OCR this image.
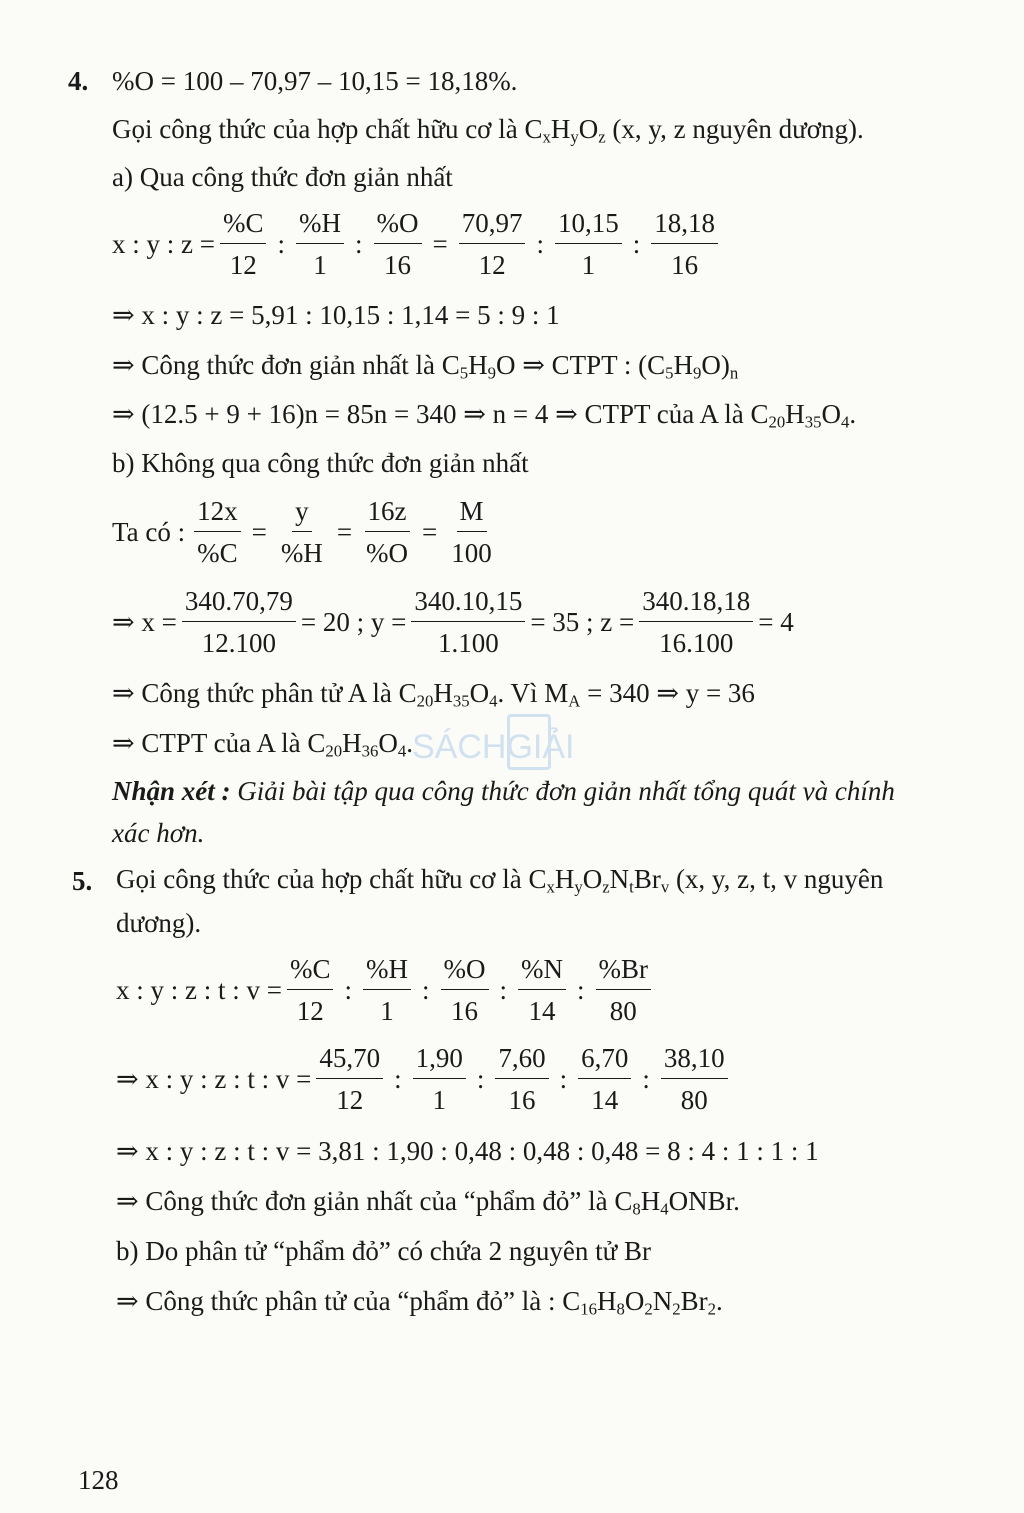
4. %O = 100 – 70,97 – 10,15 = 18,18%.
Gọi công thức của hợp chất hữu cơ là $C_xH_yO_z$ (x, y, z nguyên dương).
a) Qua công thức đơn giản nhất
x : y : $z = \frac{\%C}{12}$ :
%H
1
: $\frac{\%O}{16} = \frac{70,97}{12}$ :
10,15
1
:
18,18
16
⇒ x : y : z = 5,91 : 10,15 : 1,14 = 5 : 9 : 1
⇒ Công thức đơn giản nhất là $C_5H_9O$ ⇒ CTPT : $(C_5H_9O)_n$
⇒ (12.5 + 9 + 16)n = 85n = 340 ⇒ n = 4 ⇒ CTPT của A là $C_{20}H_{35}O_4$.
b) Không qua công thức đơn giản nhất
Ta có : $\frac{12x}{\%C} = \frac{y}{\%H} = \frac{16z}{\%O} = \frac{M}{100}$
⇒ $x = \frac{340.70,79}{12.100} = 20$ ; $y = \frac{340.10,15}{1.100} = 35$ ; $z = \frac{340.18,18}{16.100} = 4$
⇒ Công thức phân tử A là $C_{20}H_{35}O_4$. Vì $M_A = 340$ ⇒ y = 36
⇒ CTPT của A là $C_{20}H_{36}O_4$.
Nhận xét : Giải bài tập qua công thức đơn giản nhất tổng quát và chính
xác hơn.
5. Gọi công thức của hợp chất hữu cơ là $C_xH_yO_zN_tBr_v$ (x, y, z, t, v nguyên
dương).
x : y : z : t : $v = \frac{\%C}{12}$ :
%H
1
:
%O
16
:
%N
14
:
%Br
80
⇒ x : y : z : t : $v = \frac{45,70}{12}$ :
1,90
1
:
7,60
16
:
6,70
14
:
38,10
80
⇒ x : y : z : t : v = 3,81 : 1,90 : 0,48 : 0,48 : 0,48 = 8 : 4 : 1 : 1 : 1
⇒ Công thức đơn giản nhất của “phẩm đỏ” là $C_8H_4ONBr$.
b) Do phân tử “phẩm đỏ” có chứa 2 nguyên tử Br
⇒ Công thức phân tử của “phẩm đỏ” là : $C_{16}H_8O_2N_2Br_2$.
SÁCHGIẢI
128
